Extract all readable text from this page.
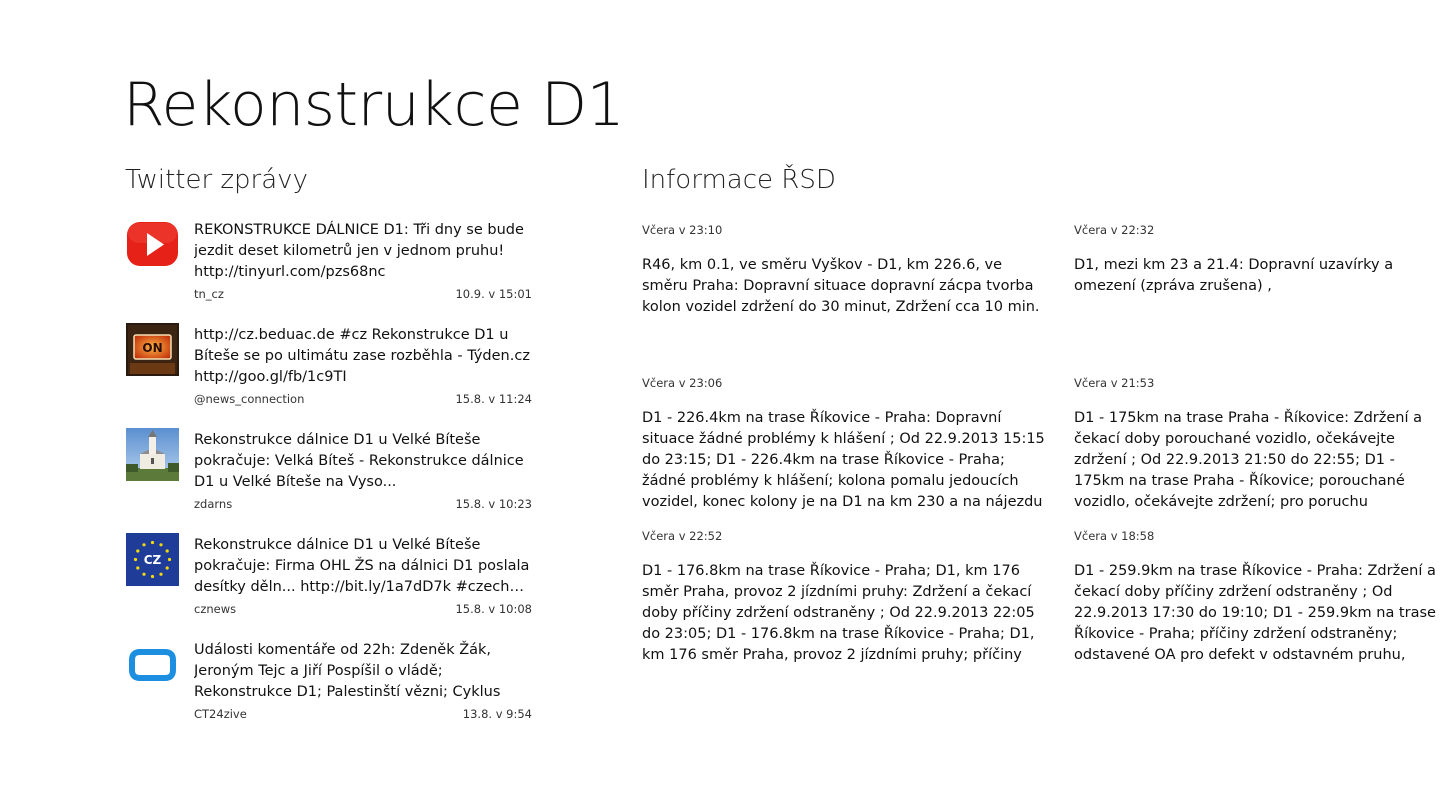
Rekonstrukce D1
Twitter zprávy	Informace ŘSD
REKONSTRUKCE DÁLNICE D1: Tři dny se bude jezdit deset kilometrů jen v jednom pruhu! http://tinyurl.com/pzs68nc
tn_cz	10.9. v 15:01
ON
http://cz.beduac.de #cz Rekonstrukce D1 u Bíteše se po ultimátu zase rozběhla - Týden.cz http://goo.gl/fb/1c9TI
@news_connection	15.8. v 11:24
Rekonstrukce dálnice D1 u Velké Bíteše pokračuje: Velká Bíteš - Rekonstrukce dálnice D1 u Velké Bíteše na Vyso...
zdarns	15.8. v 10:23
CZ
Rekonstrukce dálnice D1 u Velké Bíteše pokračuje: Firma OHL ŽS na dálnici D1 poslala desítky děln... http://bit.ly/1a7dD7k #czech…
cznews	15.8. v 10:08
Události komentáře od 22h: Zdeněk Žák, Jeroným Tejc a Jiří Pospíšil o vládě; Rekonstrukce D1; Palestinští vězni; Cyklus
CT24zive	13.8. v 9:54
Včera v 23:10
R46, km 0.1, ve směru Vyškov - D1, km 226.6, ve směru Praha: Dopravní situace dopravní zácpa tvorba kolon vozidel zdržení do 30 minut, Zdržení cca 10 min.
Včera v 22:32
D1, mezi km 23 a 21.4: Dopravní uzavírky a omezení (zpráva zrušena) ,
Včera v 23:06
D1 - 226.4km na trase Říkovice - Praha: Dopravní situace žádné problémy k hlášení ; Od 22.9.2013 15:15 do 23:15; D1 - 226.4km na trase Říkovice - Praha; žádné problémy k hlášení; kolona pomalu jedoucích vozidel, konec kolony je na D1 na km 230 a na nájezdu
Včera v 21:53
D1 - 175km na trase Praha - Říkovice: Zdržení a čekací doby porouchané vozidlo, očekávejte zdržení ; Od 22.9.2013 21:50 do 22:55; D1 - 175km na trase Praha - Říkovice; porouchané vozidlo, očekávejte zdržení; pro poruchu
Včera v 22:52
D1 - 176.8km na trase Říkovice - Praha; D1, km 176 směr Praha, provoz 2 jízdními pruhy: Zdržení a čekací doby příčiny zdržení odstraněny ; Od 22.9.2013 22:05 do 23:05; D1 - 176.8km na trase Říkovice - Praha; D1, km 176 směr Praha, provoz 2 jízdními pruhy; příčiny
Včera v 18:58
D1 - 259.9km na trase Říkovice - Praha: Zdržení a čekací doby příčiny zdržení odstraněny ; Od 22.9.2013 17:30 do 19:10; D1 - 259.9km na trase Říkovice - Praha; příčiny zdržení odstraněny; odstavené OA pro defekt v odstavném pruhu,
